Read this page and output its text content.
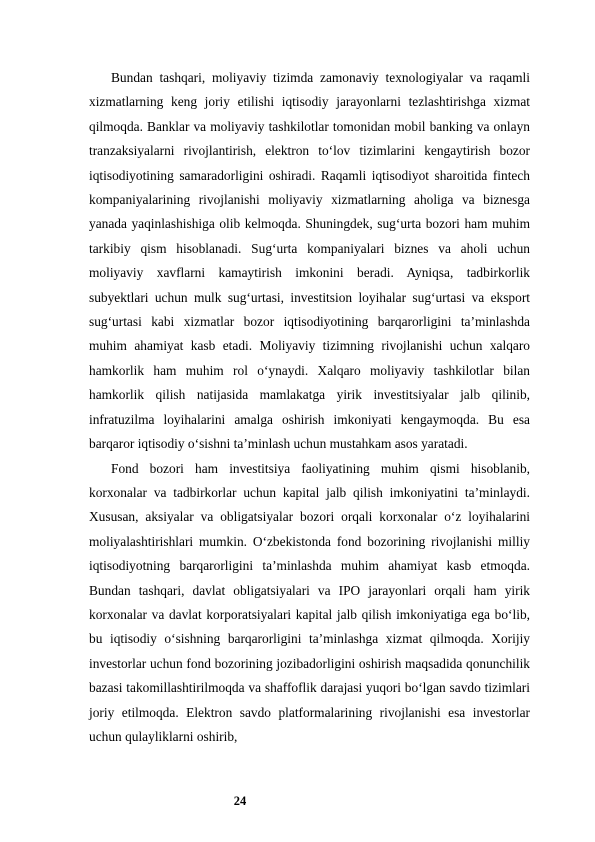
Bundan tashqari, moliyaviy tizimda zamonaviy texnologiyalar va raqamli xizmatlarning keng joriy etilishi iqtisodiy jarayonlarni tezlashtirishga xizmat qilmoqda. Banklar va moliyaviy tashkilotlar tomonidan mobil banking va onlayn tranzaksiyalarni rivojlantirish, elektron to‘lov tizimlarini kengaytirish bozor iqtisodiyotining samaradorligini oshiradi. Raqamli iqtisodiyot sharoitida fintech kompaniyalarining rivojlanishi moliyaviy xizmatlarning aholiga va biznesga yanada yaqinlashishiga olib kelmoqda. Shuningdek, sug‘urta bozori ham muhim tarkibiy qism hisoblanadi. Sug‘urta kompaniyalari biznes va aholi uchun moliyaviy xavflarni kamaytirish imkonini beradi. Ayniqsa, tadbirkorlik subyektlari uchun mulk sug‘urtasi, investitsion loyihalar sug‘urtasi va eksport sug‘urtasi kabi xizmatlar bozor iqtisodiyotining barqarorligini ta’minlashda muhim ahamiyat kasb etadi. Moliyaviy tizimning rivojlanishi uchun xalqaro hamkorlik ham muhim rol o‘ynaydi. Xalqaro moliyaviy tashkilotlar bilan hamkorlik qilish natijasida mamlakatga yirik investitsiyalar jalb qilinib, infratuzilma loyihalarini amalga oshirish imkoniyati kengaymoqda. Bu esa barqaror iqtisodiy o‘sishni ta’minlash uchun mustahkam asos yaratadi.

Fond bozori ham investitsiya faoliyatining muhim qismi hisoblanib, korxonalar va tadbirkorlar uchun kapital jalb qilish imkoniyatini ta’minlaydi. Xususan, aksiyalar va obligatsiyalar bozori orqali korxonalar o‘z loyihalarini moliyalashtirishlari mumkin. O‘zbekistonda fond bozorining rivojlanishi milliy iqtisodiyotning barqarorligini ta’minlashda muhim ahamiyat kasb etmoqda. Bundan tashqari, davlat obligatsiyalari va IPO jarayonlari orqali ham yirik korxonalar va davlat korporatsiyalari kapital jalb qilish imkoniyatiga ega bo‘lib, bu iqtisodiy o‘sishning barqarorligini ta’minlashga xizmat qilmoqda. Xorijiy investorlar uchun fond bozorining jozibadorligini oshirish maqsadida qonunchilik bazasi takomillashtirilmoqda va shaffoflik darajasi yuqori bo‘lgan savdo tizimlari joriy etilmoqda. Elektron savdo platformalarining rivojlanishi esa investorlar uchun qulayliklarni oshirib,

24
